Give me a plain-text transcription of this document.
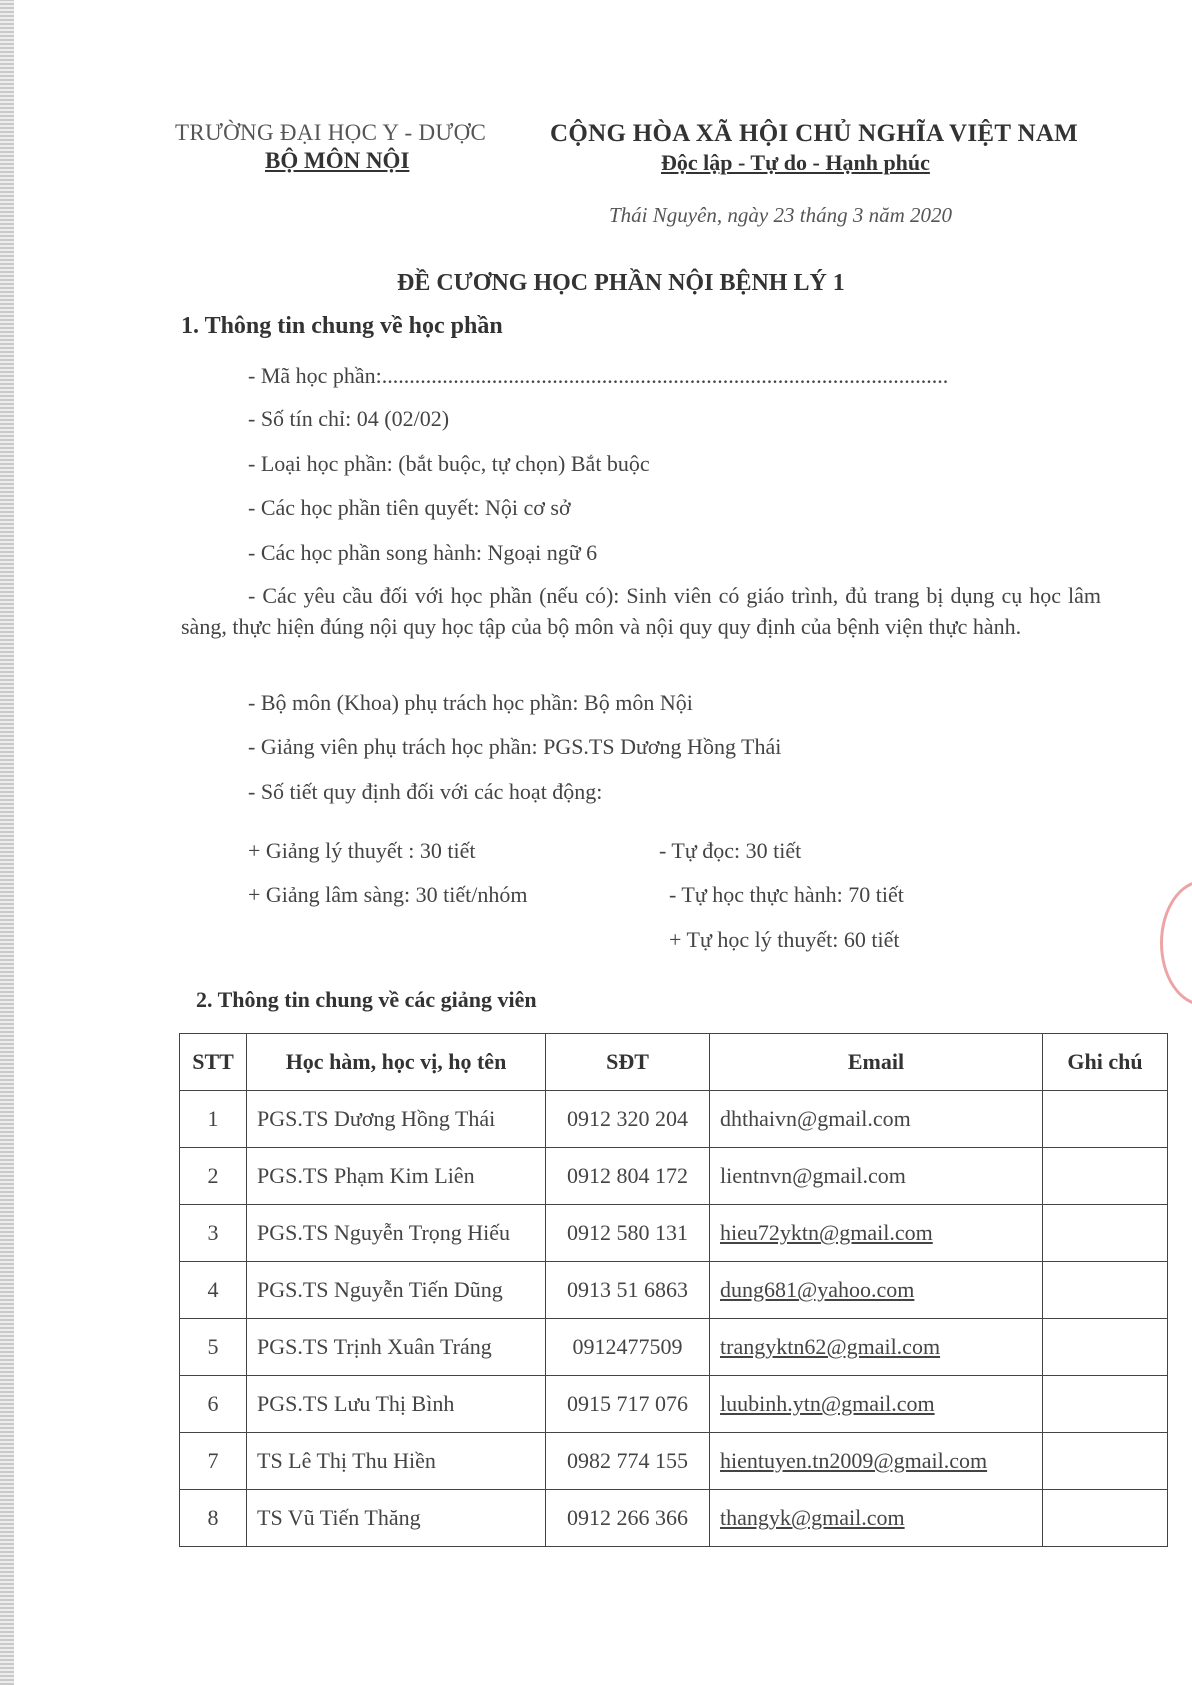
TRƯỜNG ĐẠI HỌC Y - DƯỢC
BỘ MÔN NỘI
CỘNG HÒA XÃ HỘI CHỦ NGHĨA VIỆT NAM
Độc lập - Tự do - Hạnh phúc
Thái Nguyên, ngày 23 tháng 3 năm 2020
ĐỀ CƯƠNG HỌC PHẦN NỘI BỆNH LÝ 1
1. Thông tin chung về học phần
- Mã học phần:.......................................................................................................
- Số tín chỉ: 04 (02/02)
- Loại học phần: (bắt buộc, tự chọn) Bắt buộc
- Các học phần tiên quyết: Nội cơ sở
- Các học phần song hành: Ngoại ngữ 6
- Các yêu cầu đối với học phần (nếu có): Sinh viên có giáo trình, đủ trang bị dụng cụ học lâm sàng, thực hiện đúng nội quy học tập của bộ môn và nội quy quy định của bệnh viện thực hành.
- Bộ môn (Khoa) phụ trách học phần: Bộ môn Nội
- Giảng viên phụ trách học phần: PGS.TS Dương Hồng Thái
- Số tiết quy định đối với các hoạt động:
+ Giảng lý thuyết : 30 tiết
+ Giảng lâm sàng: 30 tiết/nhóm
- Tự đọc: 30 tiết
- Tự học thực hành: 70 tiết
+ Tự học lý thuyết: 60 tiết
2. Thông tin chung về các giảng viên
STT	Học hàm, học vị, họ tên	SĐT	Email	Ghi chú
1	PGS.TS Dương Hồng Thái	0912 320 204	dhthaivn@gmail.com	
2	PGS.TS Phạm Kim Liên	0912 804 172	lientnvn@gmail.com	
3	PGS.TS Nguyễn Trọng Hiếu	0912 580 131	hieu72yktn@gmail.com	
4	PGS.TS Nguyễn Tiến Dũng	0913 51 6863	dung681@yahoo.com	
5	PGS.TS Trịnh Xuân Tráng	0912477509	trangyktn62@gmail.com	
6	PGS.TS Lưu Thị Bình	0915 717 076	luubinh.ytn@gmail.com	
7	TS Lê Thị Thu Hiền	0982 774 155	hientuyen.tn2009@gmail.com	
8	TS Vũ Tiến Thăng	0912 266 366	thangyk@gmail.com	
